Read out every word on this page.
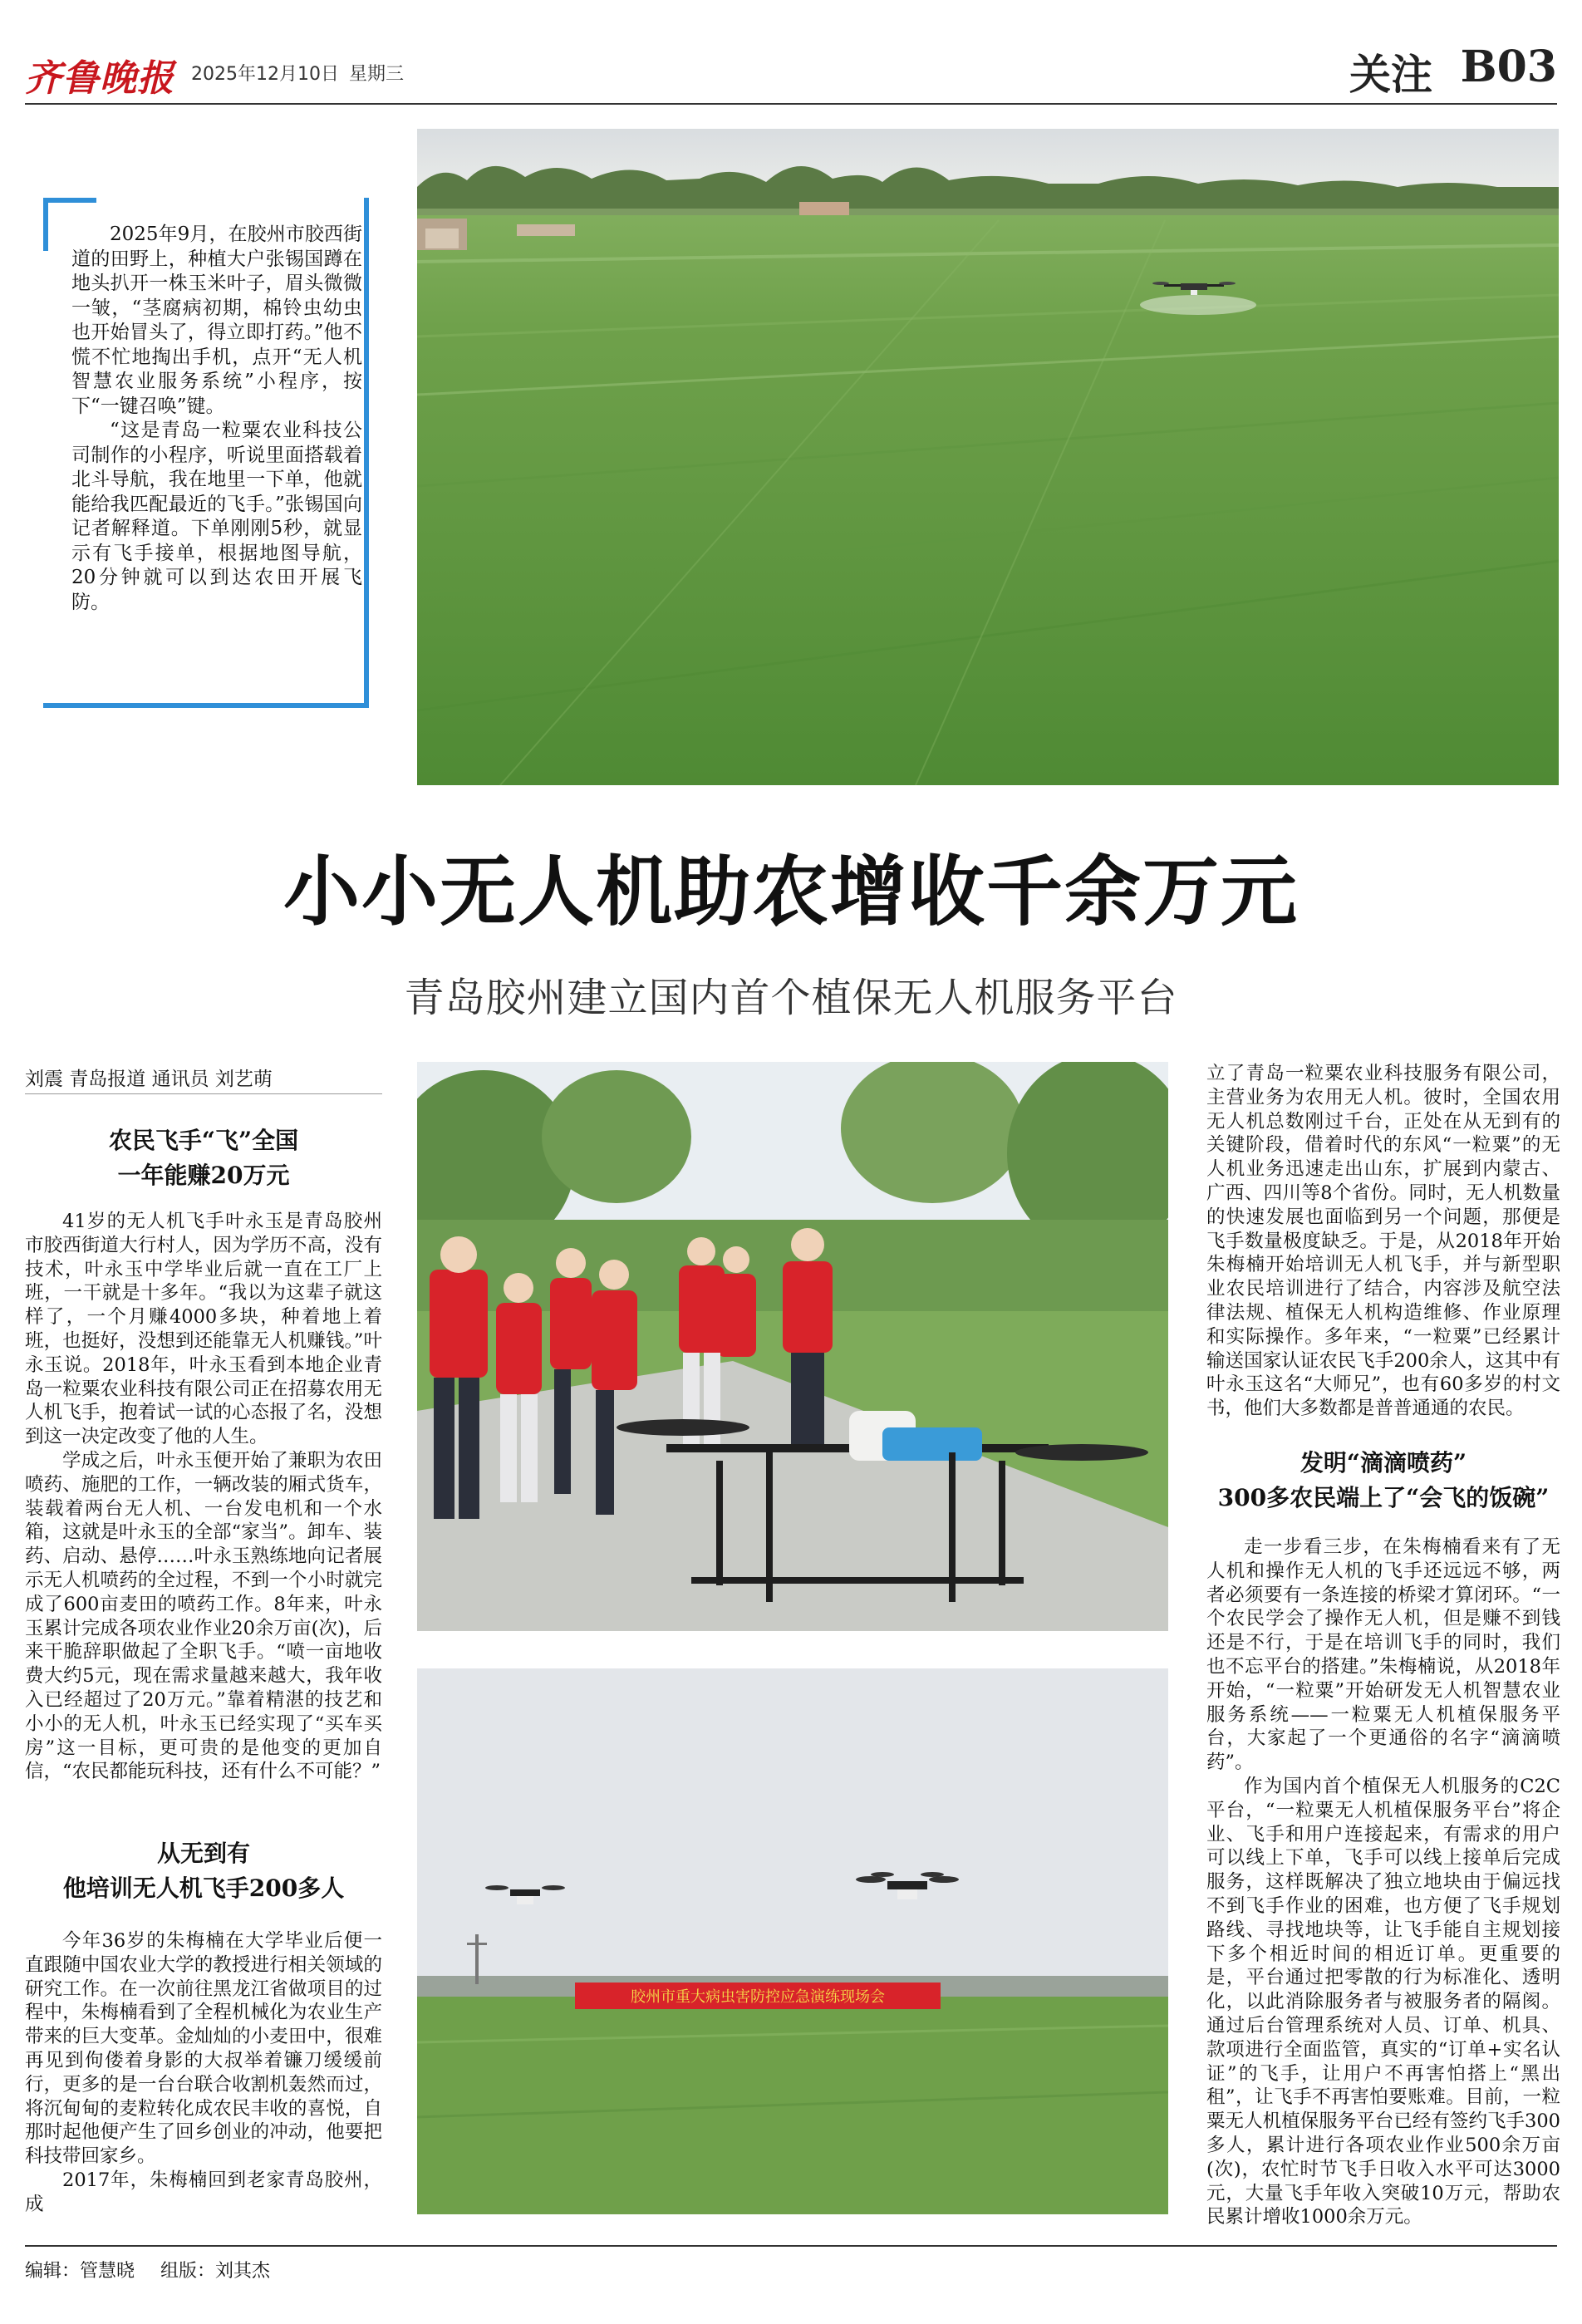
齐鲁晚报 2025年12月10日 星期三	关注 B03

2025年9月，在胶州市胶西街道的田野上，种植大户张锡国蹲在地头扒开一株玉米叶子，眉头微微一皱，“茎腐病初期，棉铃虫幼虫也开始冒头了，得立即打药。”他不慌不忙地掏出手机，点开“无人机智慧农业服务系统”小程序，按下“一键召唤”键。

“这是青岛一粒粟农业科技公司制作的小程序，听说里面搭载着北斗导航，我在地里一下单，他就能给我匹配最近的飞手。”张锡国向记者解释道。下单刚刚5秒，就显示有飞手接单，根据地图导航，20分钟就可以到达农田开展飞防。

小小无人机助农增收千余万元
青岛胶州建立国内首个植保无人机服务平台
刘震 青岛报道 通讯员 刘艺萌
农民飞手“飞”全国
一年能赚20万元

41岁的无人机飞手叶永玉是青岛胶州市胶西街道大行村人，因为学历不高，没有技术，叶永玉中学毕业后就一直在工厂上班，一干就是十多年。“我以为这辈子就这样了，一个月赚4000多块，种着地上着班，也挺好，没想到还能靠无人机赚钱。”叶永玉说。2018年，叶永玉看到本地企业青岛一粒粟农业科技有限公司正在招募农用无人机飞手，抱着试一试的心态报了名，没想到这一决定改变了他的人生。

学成之后，叶永玉便开始了兼职为农田喷药、施肥的工作，一辆改装的厢式货车，装载着两台无人机、一台发电机和一个水箱，这就是叶永玉的全部“家当”。卸车、装药、启动、悬停……叶永玉熟练地向记者展示无人机喷药的全过程，不到一个小时就完成了600亩麦田的喷药工作。8年来，叶永玉累计完成各项农业作业20余万亩(次)，后来干脆辞职做起了全职飞手。“喷一亩地收费大约5元，现在需求量越来越大，我年收入已经超过了20万元。”靠着精湛的技艺和小小的无人机，叶永玉已经实现了“买车买房”这一目标，更可贵的是他变的更加自信，“农民都能玩科技，还有什么不可能？”

从无到有
他培训无人机飞手200多人

今年36岁的朱梅楠在大学毕业后便一直跟随中国农业大学的教授进行相关领域的研究工作。在一次前往黑龙江省做项目的过程中，朱梅楠看到了全程机械化为农业生产带来的巨大变革。金灿灿的小麦田中，很难再见到佝偻着身影的大叔举着镰刀缓缓前行，更多的是一台台联合收割机轰然而过，将沉甸甸的麦粒转化成农民丰收的喜悦，自那时起他便产生了回乡创业的冲动，他要把科技带回家乡。

2017年，朱梅楠回到老家青岛胶州，成

胶州市重大病虫害防控应急演练现场会

立了青岛一粒粟农业科技服务有限公司，主营业务为农用无人机。彼时，全国农用无人机总数刚过千台，正处在从无到有的关键阶段，借着时代的东风“一粒粟”的无人机业务迅速走出山东，扩展到内蒙古、广西、四川等8个省份。同时，无人机数量的快速发展也面临到另一个问题，那便是飞手数量极度缺乏。于是，从2018年开始朱梅楠开始培训无人机飞手，并与新型职业农民培训进行了结合，内容涉及航空法律法规、植保无人机构造维修、作业原理和实际操作。多年来，“一粒粟”已经累计输送国家认证农民飞手200余人，这其中有叶永玉这名“大师兄”，也有60多岁的村文书，他们大多数都是普普通通的农民。

发明“滴滴喷药”
300多农民端上了“会飞的饭碗”

走一步看三步，在朱梅楠看来有了无人机和操作无人机的飞手还远远不够，两者必须要有一条连接的桥梁才算闭环。“一个农民学会了操作无人机，但是赚不到钱还是不行，于是在培训飞手的同时，我们也不忘平台的搭建。”朱梅楠说，从2018年开始，“一粒粟”开始研发无人机智慧农业服务系统——一粒粟无人机植保服务平台，大家起了一个更通俗的名字“滴滴喷药”。

作为国内首个植保无人机服务的C2C平台，“一粒粟无人机植保服务平台”将企业、飞手和用户连接起来，有需求的用户可以线上下单，飞手可以线上接单后完成服务，这样既解决了独立地块由于偏远找不到飞手作业的困难，也方便了飞手规划路线、寻找地块等，让飞手能自主规划接下多个相近时间的相近订单。更重要的是，平台通过把零散的行为标准化、透明化，以此消除服务者与被服务者的隔阂。通过后台管理系统对人员、订单、机具、款项进行全面监管，真实的“订单+实名认证”的飞手，让用户不再害怕搭上“黑出租”，让飞手不再害怕要账难。目前，一粒粟无人机植保服务平台已经有签约飞手300多人，累计进行各项农业作业500余万亩(次)，农忙时节飞手日收入水平可达3000元，大量飞手年收入突破10万元，帮助农民累计增收1000余万元。

编辑：管慧晓 组版：刘其杰
